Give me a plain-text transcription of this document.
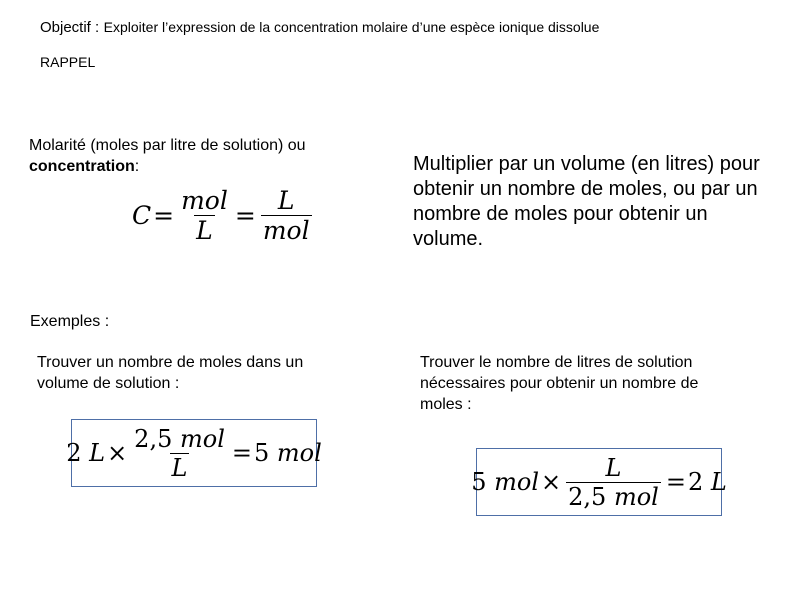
Objectif : Exploiter l’expression de la concentration molaire d’une espèce ionique dissolue
RAPPEL
Molarité (moles par litre de solution) ou
concentration:
$C = \frac{\text{mol}}{L} = \frac{L}{\text{mol}}$
Multiplier par un volume (en litres) pour obtenir un nombre de moles, ou par un nombre de moles pour obtenir un volume.
Exemples :
Trouver un nombre de moles dans un volume de solution :
Trouver le nombre de litres de solution nécessaires pour obtenir un nombre de moles :
2
$L \times \frac{\text{2,5 mol}}{L} = 5$
mol
5
mol × $\frac{L}{\text{2,5 mol}} = 2$
L
